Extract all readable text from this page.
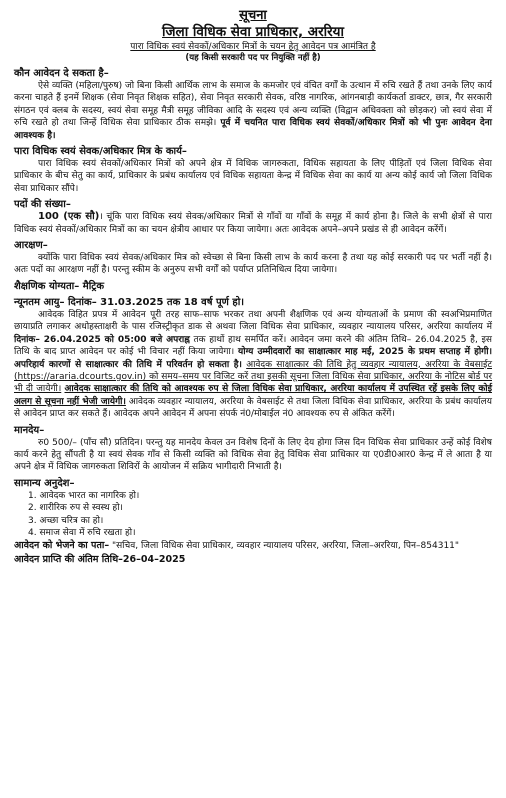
सूचना
जिला विधिक सेवा प्राधिकार, अररिया
पारा विधिक स्वयं सेवकों/अधिकार मित्रों के चयन हेतु आवेदन पत्र आमंत्रित है
(यह किसी सरकारी पद पर नियुक्ति नहीं है)
कौन आवेदन दे सकता है–

ऐसे व्यक्ति (महिला/पुरुष) जो बिना किसी आर्थिक लाभ के समाज के कमजोर एवं वंचित वर्गों के उत्थान में रुचि रखते हैं तथा उनके लिए कार्य करना चाहते हैं इनमें शिक्षक (सेवा निवृत शिक्षक सहित), सेवा निवृत सरकारी सेवक, वरिष्ठ नागरिक, आंगनबाड़ी कार्यकर्ता डाक्टर, छात्र, गैर सरकारी संगठन एवं क्लब के सदस्य, स्वयं सेवा समूह मैत्री समूह जीविका आदि के सदस्य एवं अन्य व्यक्ति (विद्वान अधिवक्ता को छोड़कर) जो स्वयं सेवा में रुचि रखते हो तथा जिन्हें विधिक सेवा प्राधिकार ठीक समझे। पूर्व में चयनित पारा विधिक स्वयं सेवकों/अधिकार मित्रों को भी पुनः आवेदन देना आवश्यक है।

पारा विधिक स्वयं सेवक/अधिकार मित्र के कार्य–

पारा विधिक स्वयं सेवकों/अधिकार मित्रों को अपने क्षेत्र में विधिक जागरुकता, विधिक सहायता के लिए पीड़ितों एवं जिला विधिक सेवा प्राधिकार के बीच सेतु का कार्य, प्राधिकार के प्रबंध कार्यालय एवं विधिक सहायता केन्द्र में विधिक सेवा का कार्य या अन्य कोई कार्य जो जिला विधिक सेवा प्राधिकार सौंपे।

पदों की संख्या–

100 (एक सौ)। चूंकि पारा विधिक स्वयं सेवक/अधिकार मित्रों से गाँवों या गाँवों के समूह में कार्य होना है। जिले के सभी क्षेत्रों से पारा विधिक स्वयं सेवकों/अधिकार मित्रों का का चयन क्षेत्रीय आधार पर किया जायेगा। अतः आवेदक अपने–अपने प्रखंड से ही आवेदन करेंगें।

आरक्षण–

क्योंकि पारा विधिक स्वयं सेवक/अधिकार मित्र को स्वेच्छा से बिना किसी लाभ के कार्य करना है तथा यह कोई सरकारी पद पर भर्ती नहीं है। अतः पदों का आरक्षण नहीं है। परन्तु स्कीम के अनुरुप सभी वर्गों को पर्याप्त प्रतिनिधित्व दिया जायेगा।

शैक्षणिक योग्यता– मैट्रिक
न्यूनतम आयु– दिनांक– 31.03.2025 तक 18 वर्ष पूर्ण हो।

आवेदक विहित प्रपत्र में आवेदन पूरी तरह साफ–साफ भरकर तथा अपनी शैक्षणिक एवं अन्य योग्यताओं के प्रमाण की स्वअभिप्रमाणित छायाप्रति लगाकर अधोहस्ताक्षरी के पास रजिस्ट्रीकृत डाक से अथवा जिला विधिक सेवा प्राधिकार, व्यवहार न्यायालय परिसर, अररिया कार्यालय में दिनांक– 26.04.2025 को 05:00 बजे अपराह्न तक हाथों हाथ समर्पित करें। आवेदन जमा करने की अंतिम तिथि– 26.04.2025 है, इस तिथि के बाद प्राप्त आवेदन पर कोई भी विचार नहीं किया जायेगा। योग्य उम्मीदवारों का साक्षात्कार माह मई, 2025 के प्रथम सप्ताह में होगी। अपरिहार्य कारणों से साक्षात्कार की तिथि में परिवर्तन हो सकता है। आवेदक साक्षात्कार की तिथि हेतु व्यवहार न्यायालय, अररिया के वेबसाईट (https://araria.dcourts.gov.in) को समय–समय पर विजिट करें तथा इसकी सूचना जिला विधिक सेवा प्राधिकार, अररिया के नोटिस बोर्ड पर भी दी जायेगी। आवेदक साक्षात्कार की तिथि को आवश्यक रुप से जिला विधिक सेवा प्राधिकार, अररिया कार्यालय में उपस्थित रहें इसके लिए कोई अलग से सूचना नहीं भेजी जायेगी। आवेदक व्यवहार न्यायालय, अररिया के वेबसाईट से तथा जिला विधिक सेवा प्राधिकार, अररिया के प्रबंध कार्यालय से आवेदन प्राप्त कर सकते हैं। आवेदक अपने आवेदन में अपना संपर्क नं0/मोबाईल नं0 आवश्यक रुप से अंकित करेंगें।

मानदेय–

रु0 500/– (पाँच सौ) प्रतिदिन। परन्तु यह मानदेय केवल उन विशेष दिनों के लिए देय होगा जिस दिन विधिक सेवा प्राधिकार उन्हें कोई विशेष कार्य करने हेतु सौंपती है या स्वयं सेवक गाँव से किसी व्यक्ति को विधिक सेवा हेतु विधिक सेवा प्राधिकार या ए0डी0आर0 केन्द्र में ले आता है या अपने क्षेत्र में विधिक जागरुकता शिविरों के आयोजन में सक्रिय भागीदारी निभाती है।

सामान्य अनुदेश–

1. आवेदक भारत का नागरिक हो।

2. शारीरिक रुप से स्वस्थ हो।

3. अच्छा चरित्र का हो।

4. समाज सेवा में रुचि रखता हो।

आवेदन को भेजने का पता– "सचिव, जिला विधिक सेवा प्राधिकार, व्यवहार न्यायालय परिसर, अररिया, जिला–अररिया, पिन–854311"

आवेदन प्राप्ति की अंतिम तिथि–26–04–2025
